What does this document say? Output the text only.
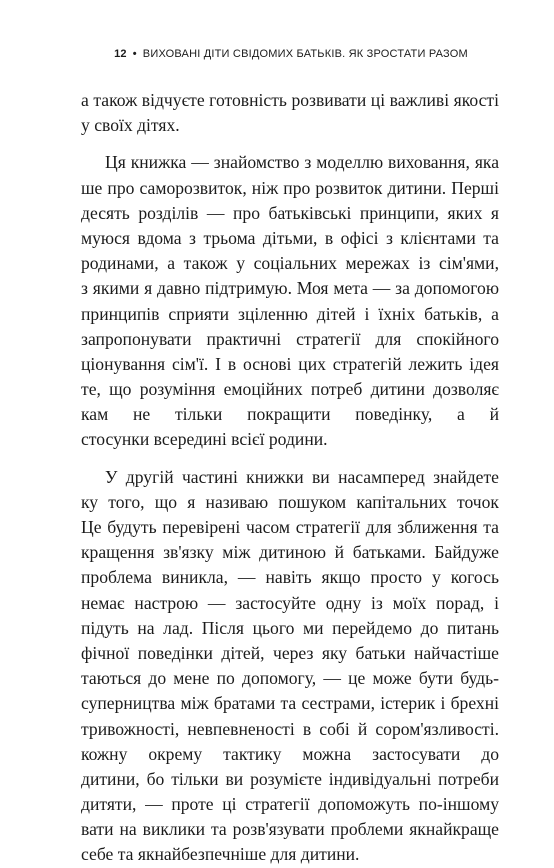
12 • ВИХОВАНІ ДІТИ СВІДОМИХ БАТЬКІВ. ЯК ЗРОСТАТИ РАЗОМ

а також відчуєте готовність розвивати ці важливі якості
у своїх дітях.

Ця книжка — знайомство з моделлю виховання, яка
ше про саморозвиток, ніж про розвиток дитини. Перші
десять розділів — про батьківські принципи, яких я
муюся вдома з трьома дітьми, в офісі з клієнтами та
родинами, а також у соціальних мережах із сім'ями,
з якими я давно підтримую. Моя мета — за допомогою
принципів сприяти зціленню дітей і їхніх батьків, а
запропонувати практичні стратегії для спокійного
ціонування сім'ї. І в основі цих стратегій лежить ідея
те, що розуміння емоційних потреб дитини дозволяє
кам не тільки покращити поведінку, а й
стосунки всередині всієї родини.

У другій частині книжки ви насамперед знайдете
ку того, що я називаю пошуком капітальних точок
Це будуть перевірені часом стратегії для зближення та
кращення зв'язку між дитиною й батьками. Байдуже
проблема виникла, — навіть якщо просто у когось
немає настрою — застосуйте одну із моїх порад, і
підуть на лад. Після цього ми перейдемо до питань
фічної поведінки дітей, через яку батьки найчастіше
таються до мене по допомогу, — це може бути будь-
суперництва між братами та сестрами, істерик і брехні
тривожності, невпевненості в собі й сором'язливості.
кожну окрему тактику можна застосувати до
дитини, бо тільки ви розумієте індивідуальні потреби
дитяти, — проте ці стратегії допоможуть по-іншому
вати на виклики та розв'язувати проблеми якнайкраще
себе та якнайбезпечніше для дитини.
